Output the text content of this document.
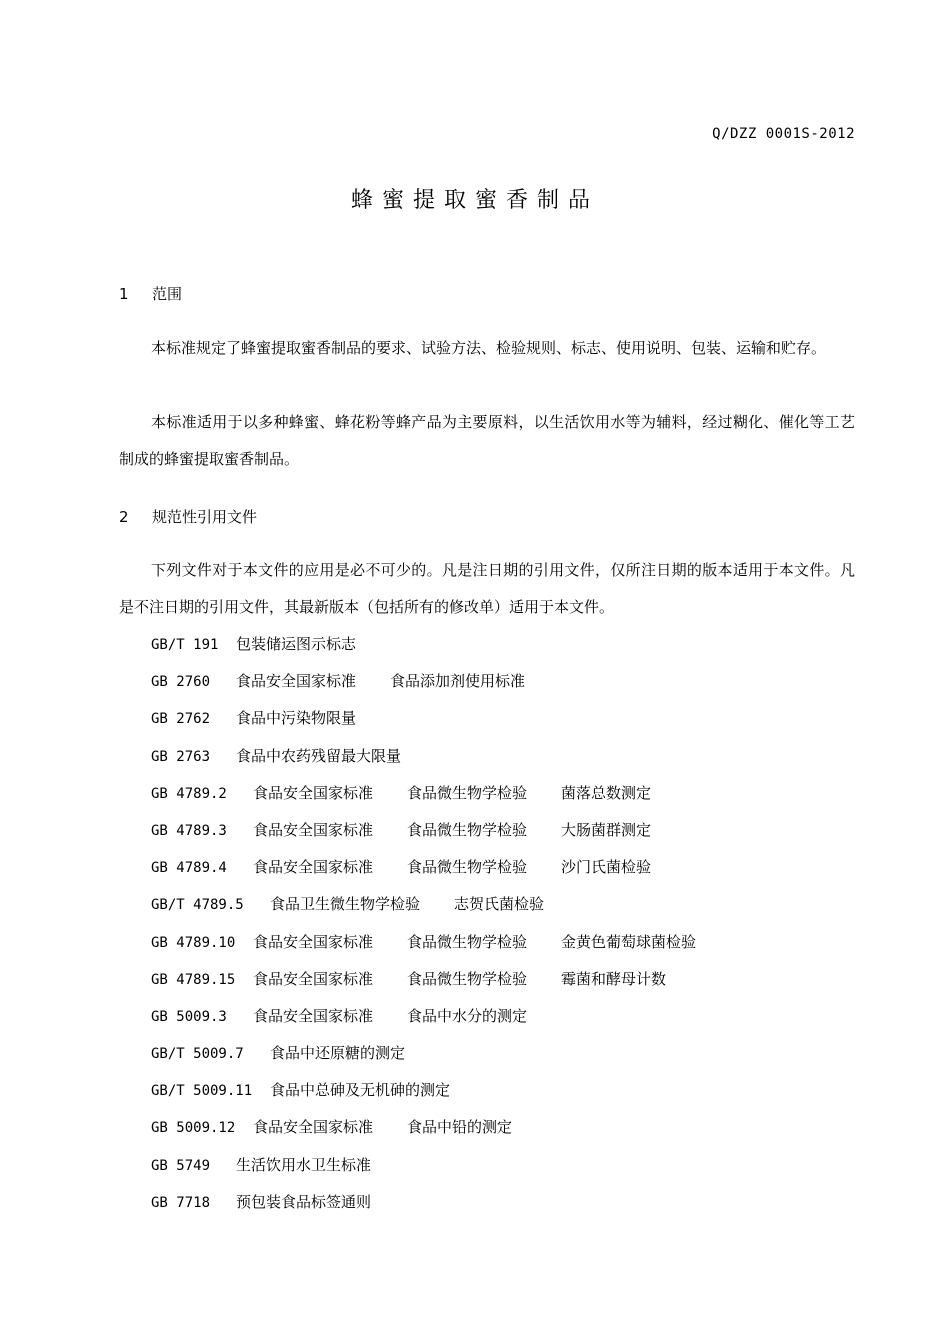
Q/DZZ 0001S-2012
蜂蜜提取蜜香制品
1 范围
本标准规定了蜂蜜提取蜜香制品的要求、试验方法、检验规则、标志、使用说明、包装、运输和贮存。
本标准适用于以多种蜂蜜、蜂花粉等蜂产品为主要原料，以生活饮用水等为辅料，经过糊化、催化等工艺制成的蜂蜜提取蜜香制品。
2 规范性引用文件
下列文件对于本文件的应用是必不可少的。凡是注日期的引用文件，仅所注日期的版本适用于本文件。凡是不注日期的引用文件，其最新版本（包括所有的修改单）适用于本文件。
GB/T 191 包装储运图示标志
GB 2760 食品安全国家标准 食品添加剂使用标准
GB 2762 食品中污染物限量
GB 2763 食品中农药残留最大限量
GB 4789.2 食品安全国家标准 食品微生物学检验 菌落总数测定
GB 4789.3 食品安全国家标准 食品微生物学检验 大肠菌群测定
GB 4789.4 食品安全国家标准 食品微生物学检验 沙门氏菌检验
GB/T 4789.5 食品卫生微生物学检验 志贺氏菌检验
GB 4789.10 食品安全国家标准 食品微生物学检验 金黄色葡萄球菌检验
GB 4789.15 食品安全国家标准 食品微生物学检验 霉菌和酵母计数
GB 5009.3 食品安全国家标准 食品中水分的测定
GB/T 5009.7 食品中还原糖的测定
GB/T 5009.11 食品中总砷及无机砷的测定
GB 5009.12 食品安全国家标准 食品中铅的测定
GB 5749 生活饮用水卫生标准
GB 7718 预包装食品标签通则
